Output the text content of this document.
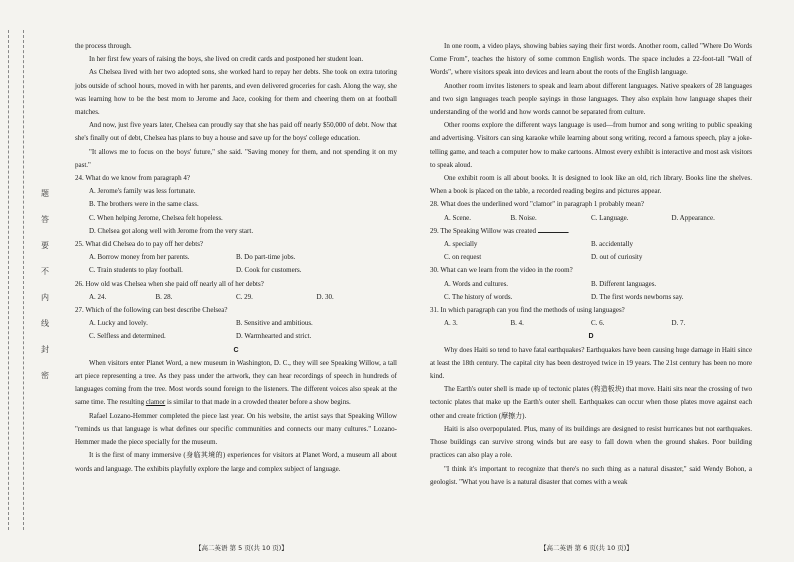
题
答
要
不
内
线
封
密

the process through.

In her first few years of raising the boys, she lived on credit cards and postponed her student loan.

As Chelsea lived with her two adopted sons, she worked hard to repay her debts. She took on extra tutoring jobs outside of school hours, moved in with her parents, and even delivered groceries for cash. Along the way, she was learning how to be the best mom to Jerome and Jace, cooking for them and cheering them on at football matches.

And now, just five years later, Chelsea can proudly say that she has paid off nearly $50,000 of debt. Now that she's finally out of debt, Chelsea has plans to buy a house and save up for the boys' college education.

"It allows me to focus on the boys' future," she said. "Saving money for them, and not spending it on my past."

24. What do we know from paragraph 4?

A. Jerome's family was less fortunate.

B. The brothers were in the same class.

C. When helping Jerome, Chelsea felt hopeless.

D. Chelsea got along well with Jerome from the very start.

25. What did Chelsea do to pay off her debts?

A. Borrow money from her parents.	B. Do part-time jobs.

C. Train students to play football.	D. Cook for customers.

26. How old was Chelsea when she paid off nearly all of her debts?

A. 24.	B. 28.	C. 29.	D. 30.

27. Which of the following can best describe Chelsea?

A. Lucky and lovely.	B. Sensitive and ambitious.

C. Selfless and determined.	D. Warmhearted and strict.

C

When visitors enter Planet Word, a new museum in Washington, D. C., they will see Speaking Willow, a tall art piece representing a tree. As they pass under the artwork, they can hear recordings of speech in hundreds of languages coming from the tree. Most words sound foreign to the listeners. The different voices also speak at the same time. The resulting clamor is similar to that made in a crowded theater before a show begins.

Rafael Lozano-Hemmer completed the piece last year. On his website, the artist says that Speaking Willow "reminds us that language is what defines our specific communities and connects our many cultures." Lozano-Hemmer made the piece specially for the museum.

It is the first of many immersive (身临其境的) experiences for visitors at Planet Word, a museum all about words and language. The exhibits playfully explore the large and complex subject of language.

In one room, a video plays, showing babies saying their first words. Another room, called "Where Do Words Come From", teaches the history of some common English words. The space includes a 22-foot-tall "Wall of Words", where visitors speak into devices and learn about the roots of the English language.

Another room invites listeners to speak and learn about different languages. Native speakers of 28 languages and two sign languages teach people sayings in those languages. They also explain how language shapes their understanding of the world and how words cannot be separated from culture.

Other rooms explore the different ways language is used—from humor and song writing to public speaking and advertising. Visitors can sing karaoke while learning about song writing, record a famous speech, play a joke-telling game, and teach a computer how to make cartoons. Almost every exhibit is interactive and most ask visitors to speak aloud.

One exhibit room is all about books. It is designed to look like an old, rich library. Books line the shelves. When a book is placed on the table, a recorded reading begins and pictures appear.

28. What does the underlined word "clamor" in paragraph 1 probably mean?

A. Scene.	B. Noise.	C. Language.	D. Appearance.

29. The Speaking Willow was created	.

A. specially	B. accidentally

C. on request	D. out of curiosity

30. What can we learn from the video in the room?

A. Words and cultures.	B. Different languages.

C. The history of words.	D. The first words newborns say.

31. In which paragraph can you find the methods of using languages?

A. 3.	B. 4.	C. 6.	D. 7.

D

Why does Haiti so tend to have fatal earthquakes? Earthquakes have been causing huge damage in Haiti since at least the 18th century. The capital city has been destroyed twice in 19 years. The 21st century has been no more kind.

The Earth's outer shell is made up of tectonic plates (构造板块) that move. Haiti sits near the crossing of two tectonic plates that make up the Earth's outer shell. Earthquakes can occur when those plates move against each other and create friction (摩擦力).

Haiti is also overpopulated. Plus, many of its buildings are designed to resist hurricanes but not earthquakes. Those buildings can survive strong winds but are easy to fall down when the ground shakes. Poor building practices can also play a role.

"I think it's important to recognize that there's no such thing as a natural disaster," said Wendy Bohon, a geologist. "What you have is a natural disaster that comes with a weak

【高二英语 第 5 页(共 10 页)】	【高二英语 第 6 页(共 10 页)】
